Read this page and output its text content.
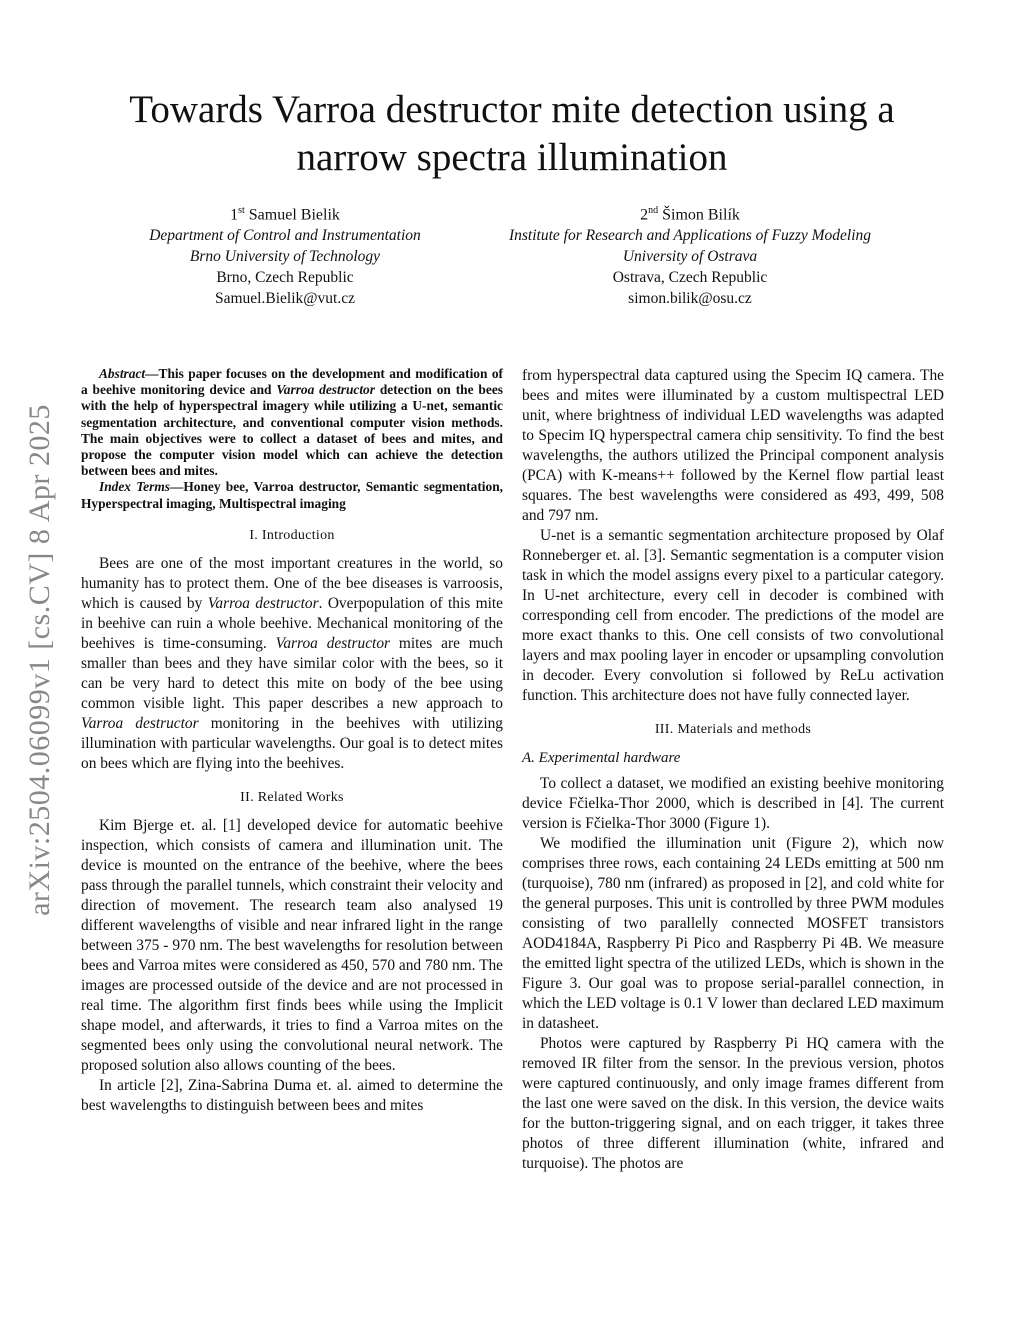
arXiv:2504.06099v1 [cs.CV] 8 Apr 2025
Towards Varroa destructor mite detection using a narrow spectra illumination
1st Samuel Bielik
Department of Control and Instrumentation
Brno University of Technology
Brno, Czech Republic
Samuel.Bielik@vut.cz
2nd Šimon Bilík
Institute for Research and Applications of Fuzzy Modeling
University of Ostrava
Ostrava, Czech Republic
simon.bilik@osu.cz

Abstract—This paper focuses on the development and modification of a beehive monitoring device and Varroa destructor detection on the bees with the help of hyperspectral imagery while utilizing a U-net, semantic segmentation architecture, and conventional computer vision methods. The main objectives were to collect a dataset of bees and mites, and propose the computer vision model which can achieve the detection between bees and mites.

Index Terms—Honey bee, Varroa destructor, Semantic segmentation, Hyperspectral imaging, Multispectral imaging

I. Introduction

Bees are one of the most important creatures in the world, so humanity has to protect them. One of the bee diseases is varroosis, which is caused by Varroa destructor. Overpopulation of this mite in beehive can ruin a whole beehive. Mechanical monitoring of the beehives is time-consuming. Varroa destructor mites are much smaller than bees and they have similar color with the bees, so it can be very hard to detect this mite on body of the bee using common visible light. This paper describes a new approach to Varroa destructor monitoring in the beehives with utilizing illumination with particular wavelengths. Our goal is to detect mites on bees which are flying into the beehives.

II. Related Works

Kim Bjerge et. al. [1] developed device for automatic beehive inspection, which consists of camera and illumination unit. The device is mounted on the entrance of the beehive, where the bees pass through the parallel tunnels, which constraint their velocity and direction of movement. The research team also analysed 19 different wavelengths of visible and near infrared light in the range between 375 - 970 nm. The best wavelengths for resolution between bees and Varroa mites were considered as 450, 570 and 780 nm. The images are processed outside of the device and are not processed in real time. The algorithm first finds bees while using the Implicit shape model, and afterwards, it tries to find a Varroa mites on the segmented bees only using the convolutional neural network. The proposed solution also allows counting of the bees.

In article [2], Zina-Sabrina Duma et. al. aimed to determine the best wavelengths to distinguish between bees and mites

from hyperspectral data captured using the Specim IQ camera. The bees and mites were illuminated by a custom multispectral LED unit, where brightness of individual LED wavelengths was adapted to Specim IQ hyperspectral camera chip sensitivity. To find the best wavelengths, the authors utilized the Principal component analysis (PCA) with K-means++ followed by the Kernel flow partial least squares. The best wavelengths were considered as 493, 499, 508 and 797 nm.

U-net is a semantic segmentation architecture proposed by Olaf Ronneberger et. al. [3]. Semantic segmentation is a computer vision task in which the model assigns every pixel to a particular category. In U-net architecture, every cell in decoder is combined with corresponding cell from encoder. The predictions of the model are more exact thanks to this. One cell consists of two convolutional layers and max pooling layer in encoder or upsampling convolution in decoder. Every convolution si followed by ReLu activation function. This architecture does not have fully connected layer.

III. Materials and methods
A. Experimental hardware

To collect a dataset, we modified an existing beehive monitoring device Fčielka-Thor 2000, which is described in [4]. The current version is Fčielka-Thor 3000 (Figure 1).

We modified the illumination unit (Figure 2), which now comprises three rows, each containing 24 LEDs emitting at 500 nm (turquoise), 780 nm (infrared) as proposed in [2], and cold white for the general purposes. This unit is controlled by three PWM modules consisting of two parallelly connected MOSFET transistors AOD4184A, Raspberry Pi Pico and Raspberry Pi 4B. We measure the emitted light spectra of the utilized LEDs, which is shown in the Figure 3. Our goal was to propose serial-parallel connection, in which the LED voltage is 0.1 V lower than declared LED maximum in datasheet.

Photos were captured by Raspberry Pi HQ camera with the removed IR filter from the sensor. In the previous version, photos were captured continuously, and only image frames different from the last one were saved on the disk. In this version, the device waits for the button-triggering signal, and on each trigger, it takes three photos of three different illumination (white, infrared and turquoise). The photos are
